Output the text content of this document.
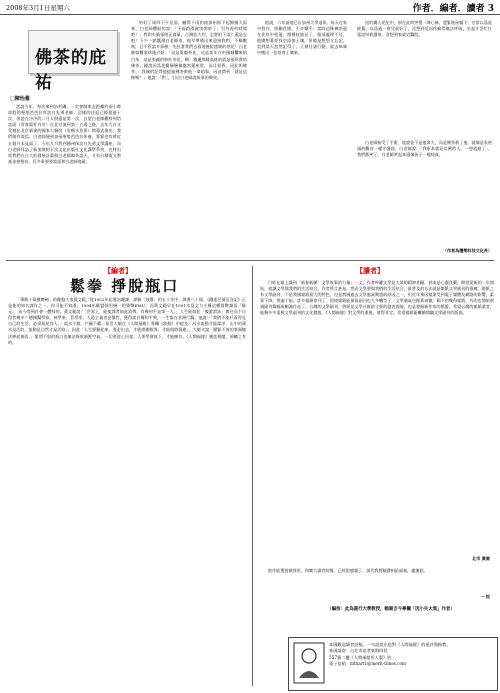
2008年3月1日星期六	作者．編者．讀者 3
佛茶的庇祐
□陳怡蓁

話說今年，每次來到洛杉磯，一定會開車去距離約兩小時車程的聖塔芭芭拉拜訪白先勇老師。這樣的往返已經超過十次，但是在冷冷的二月天倒還是第一次。自從白老師觀察到的話面（青春版牡丹亭）在北京演到第一百場之後，去年九月又受邀在北京新建的國家大劇院（俗稱水煮蛋）開幕式演出，我們與有榮焉。白老師便到加州聖塔芭芭拉休養，算算也有時近五個月未見面了。今年九月我到德州探訪白先勇文學講座，而白老師拜訪了新加坡的下次文化出版社文化講學系列，也特出席我們在台大的發展計畫與白老師喝茶談天，又有台積電文教基金會相扶，好多事要要當面和白老師商量。

約好了周四下午見面，翻得下雨的南加州卻下起綿綿大雨來，白老師體貼的說：「下雨路滑就別開車了，另外再約時間吧！」我和夫婿張明正商量，台灣放大約，怎會怕下雨？還是去吧！下午一點瓢潑白老師家，他早準備出來迎接我們，不顧數秋，且不管請多事務，先拉著我們去看他後院盛開的茶花！白老師如數家珍地介紹：「這是重瓣茶花，這是某年在中國城攤來的白茶，這是張鍾的粉紅茶花，啊！牆邊那樣高挑的就是很珍貴的佛茶，鍾說因爲花瓣層層像龍宮蓮座狀，而且很香，因此叫佛茶。」我端的記得他提過佛茶救他一命的事，因此問到「就是這棵嗎？」他說：「對」，引出白老師說故事的興致。

他說，六年前他已自加州大學退休，每天在家中寫作，照顧花園，不亦樂乎。當時這株佛茶還在花紅中枯萎，慢慢枝抽長了，根部處理不佳，他總想著要找空添加土壤，但總是想想又忘記。直到某天忽然記得了，立刻付諸行動，就去車庫中搬出一包培育土壤來，

扭的鋤入花紀中，卻在此時突覺一陣心痛，趕緊進屋躺下，往常以爲是疲累，以爲過一會兒就好了，沒想到反而疼痛得無法呼吸，坐起才急忙打電話叫救護車，沒想到家就近醫院。

白老師接受了手術，他說並不是他命大，而是佛茶救了他。就像是家裡頭的觀音一樣守護他。白老師說：「我原本就是信佛的人，一想就通了」，我們都笑了，白老師笑起來還像孩子一樣純真。

（作者為趨勢科技文化長）
【編者】
鬆拳 掙脫瓶口

「筆勝十萬橫磨劍」的鍵盤大家黃文範，從1952年起專治翻譯，譯稿「效聲」的五十年中，譯書八十冊，《鐵達尼號沉沒記》正是他的知名譯作之一。你可能不知道，1994年歐盟採用統一的貨幣EMU，而黃文範早在1991年爲文力主稱這種貨幣譯爲「歐元」，而今得到社會一體採用。黃文範說：「世界上，能使譯者如此流傳，有幾何乎是第一人。」人生能如此「傻游滑泳」無往而不自得者幾多？德國醫學家、神學家、哲學家、人道主義者史懷哲，獲得諾貝爾和平獎，一生都在非洲行醫。他說：「我們不能只看得見自己的生活，必須看見別人。」流水不腐，戶樞不蠹。星雲大師在《人間福報》專欄《流動》中提及「河水流動才能潔淨，山中的溪水是活的，流動是自然才是活路。」因此「人生要動起來，要走出去，才能開闊視界，才能與時俱進」。大師又說「握緊不放的拳頭無法捧起東西。」緊閉不放的瓶口也無法吸收新鮮空氣。一切要從心出發。人要學會放下，才能擁有。《人間福報》應您相隨，卻曠之有時。

【讀者】

日昨在報上讀到「新春新願：文學故事的力量」一文，作者呼籲文學是大眾的精神食糧，甚或是心靈良藥，期望從新的一年開始，就讓文學與我們的生活結合。作者所言甚是。然而文學要與我們的生活結合，最普及的方法就是報紙文學副刊的推廣。報紙之有文學副刊，不是我國報紙最大的特色，也是我國過去文學風氣興盛的原因之一，但近年來因報業受到電子媒體及網路的影響，素質下降，普遍不振。許多報紙停刊了，即使報紙能保留副刊也大多轉型了，文學風氣也跟著衰微。剩下的幾份報紙，有的也開始削減副刊篇幅或刪減作品了。台灣的文學副刊，曾經是文學社群最主要的發表園地，也是發掘新作家的搖籃。希望台灣的報紙業者，能夠多多重視文學副刊的文化價值。《人間福報》對文學的重視，值得肯定。希望報紙能繼續開闢文學副刊的版面。

北市 黃雷

拙作能獲賞報採用，和廣大讀者結緣，已經很感謝了。請代我將稿費捐給福報，謝謝您。

一 拙
（編按：此為義行大學教授，賴珮吉今專欄「因小失大集」作者）
本國歡迎讀者投稿，一句話說出您對《人間福報》的批評與指教。
來函請寄：台北市忠孝東路四段
557號二樓《人間福報用人版》收
電子信箱：mtnart1@merit-times.com
